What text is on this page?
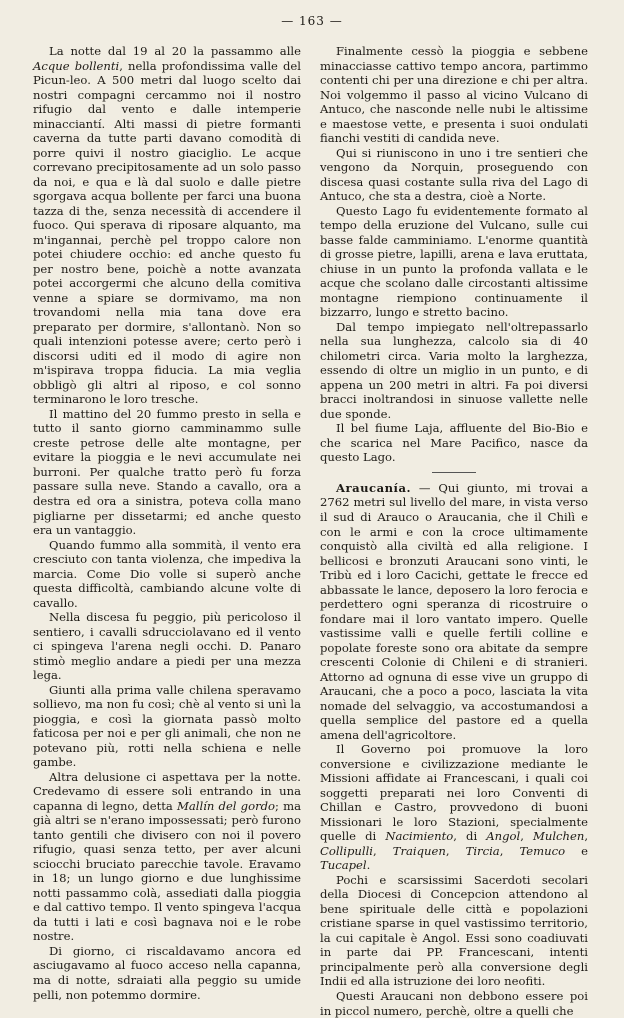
— 163 —

La notte dal 19 al 20 la passammo alle Acque bollenti, nella profondissima valle del Picun-leo. A 500 metri dal luogo scelto dai nostri compagni cercammo noi il nostro rifugio dal vento e dalle intemperie minacciantí. Alti massi di pietre formanti caverna da tutte parti davano comodità di porre quivi il nostro giaciglio. Le acque correvano precipitosamente ad un solo passo da noi, e qua e là dal suolo e dalle pietre sgorgava acqua bollente per farci una buona tazza di the, senza necessità di accendere il fuoco. Qui sperava di riposare alquanto, ma m'ingannai, perchè pel troppo calore non potei chiudere occhio: ed anche questo fu per nostro bene, poichè a notte avanzata potei accorgermi che alcuno della comitiva venne a spiare se dormivamo, ma non trovandomi nella mia tana dove era preparato per dormire, s'allontanò. Non so quali intenzioni potesse avere; certo però i discorsi uditi ed il modo di agire non m'ispirava troppa fiducia. La mia veglia obbligò gli altri al riposo, e col sonno terminarono le loro tresche.

Il mattino del 20 fummo presto in sella e tutto il santo giorno camminammo sulle creste petrose delle alte montagne, per evitare la pioggia e le nevi accumulate nei burroni. Per qualche tratto però fu forza passare sulla neve. Stando a cavallo, ora a destra ed ora a sinistra, poteva colla mano pigliarne per dissetarmi; ed anche questo era un vantaggio.

Quando fummo alla sommità, il vento era cresciuto con tanta violenza, che impediva la marcia. Come Dio volle si superò anche questa difficoltà, cambiando alcune volte di cavallo.

Nella discesa fu peggio, più pericoloso il sentiero, i cavalli sdrucciolavano ed il vento ci spingeva l'arena negli occhi. D. Panaro stimò meglio andare a piedi per una mezza lega.

Giunti alla prima valle chilena speravamo sollievo, ma non fu così; chè al vento si unì la pioggia, e così la giornata passò molto faticosa per noi e per gli animali, che non ne potevano più, rotti nella schiena e nelle gambe.

Altra delusione ci aspettava per la notte. Credevamo di essere soli entrando in una capanna di legno, detta Mallín del gordo; ma già altri se n'erano impossessati; però furono tanto gentili che divisero con noi il povero rifugio, quasi senza tetto, per aver alcuni sciocchi bruciato parecchie tavole. Eravamo in 18; un lungo giorno e due lunghissime notti passammo colà, assediati dalla pioggia e dal cattivo tempo. Il vento spingeva l'acqua da tutti i lati e così bagnava noi e le robe nostre.

Di giorno, ci riscaldavamo ancora ed asciugavamo al fuoco acceso nella capanna, ma di notte, sdraiati alla peggio su umide pelli, non potemmo dormire.

Finalmente cessò la pioggia e sebbene minacciasse cattivo tempo ancora, partimmo contenti chi per una direzione e chi per altra. Noi volgemmo il passo al vicino Vulcano di Antuco, che nasconde nelle nubi le altissime e maestose vette, e presenta i suoi ondulati fianchi vestiti di candida neve.

Qui si riuniscono in uno i tre sentieri che vengono da Norquin, proseguendo con discesa quasi costante sulla riva del Lago di Antuco, che sta a destra, cioè a Norte.

Questo Lago fu evidentemente formato al tempo della eruzione del Vulcano, sulle cui basse falde camminiamo. L'enorme quantità di grosse pietre, lapilli, arena e lava eruttata, chiuse in un punto la profonda vallata e le acque che scolano dalle circostanti altissime montagne riempiono continuamente il bizzarro, lungo e stretto bacino.

Dal tempo impiegato nell'oltrepassarlo nella sua lunghezza, calcolo sia di 40 chilometri circa. Varia molto la larghezza, essendo di oltre un miglio in un punto, e di appena un 200 metri in altri. Fa poi diversi bracci inoltrandosi in sinuose vallette nelle due sponde.

Il bel fiume Laja, affluente del Bio-Bio e che scarica nel Mare Pacifico, nasce da questo Lago.

Araucanía. — Qui giunto, mi trovai a 2762 metri sul livello del mare, in vista verso il sud di Arauco o Araucania, che il Chilì e con le armi e con la croce ultimamente conquistò alla civiltà ed alla religione. I bellicosi e bronzuti Araucani sono vinti, le Tribù ed i loro Cacichi, gettate le frecce ed abbassate le lance, deposero la loro ferocia e perdettero ogni speranza di ricostruire o fondare mai il loro vantato impero. Quelle vastissime valli e quelle fertili colline e popolate foreste sono ora abitate da sempre crescenti Colonie di Chileni e di stranieri. Attorno ad ognuna di esse vive un gruppo di Araucani, che a poco a poco, lasciata la vita nomade del selvaggio, va accostumandosi a quella semplice del pastore ed a quella amena dell'agricoltore.

Il Governo poi promuove la loro conversione e civilizzazione mediante le Missioni affidate ai Francescani, i quali coi soggetti preparati nei loro Conventi di Chillan e Castro, provvedono di buoni Missionari le loro Stazioni, specialmente quelle di Nacimiento, di Angol, Mulchen, Collipulli, Traiquen, Tircia, Temuco e Tucapel.

Pochi e scarsissimi Sacerdoti secolari della Diocesi di Concepcion attendono al bene spirituale delle città e popolazioni cristiane sparse in quel vastissimo territorio, la cui capitale è Angol. Essi sono coadiuvati in parte dai PP. Francescani, intenti principalmente però alla conversione degli Indii ed alla istruzione dei loro neofiti.

Questi Araucani non debbono essere poi in piccol numero, perchè, oltre a quelli che
